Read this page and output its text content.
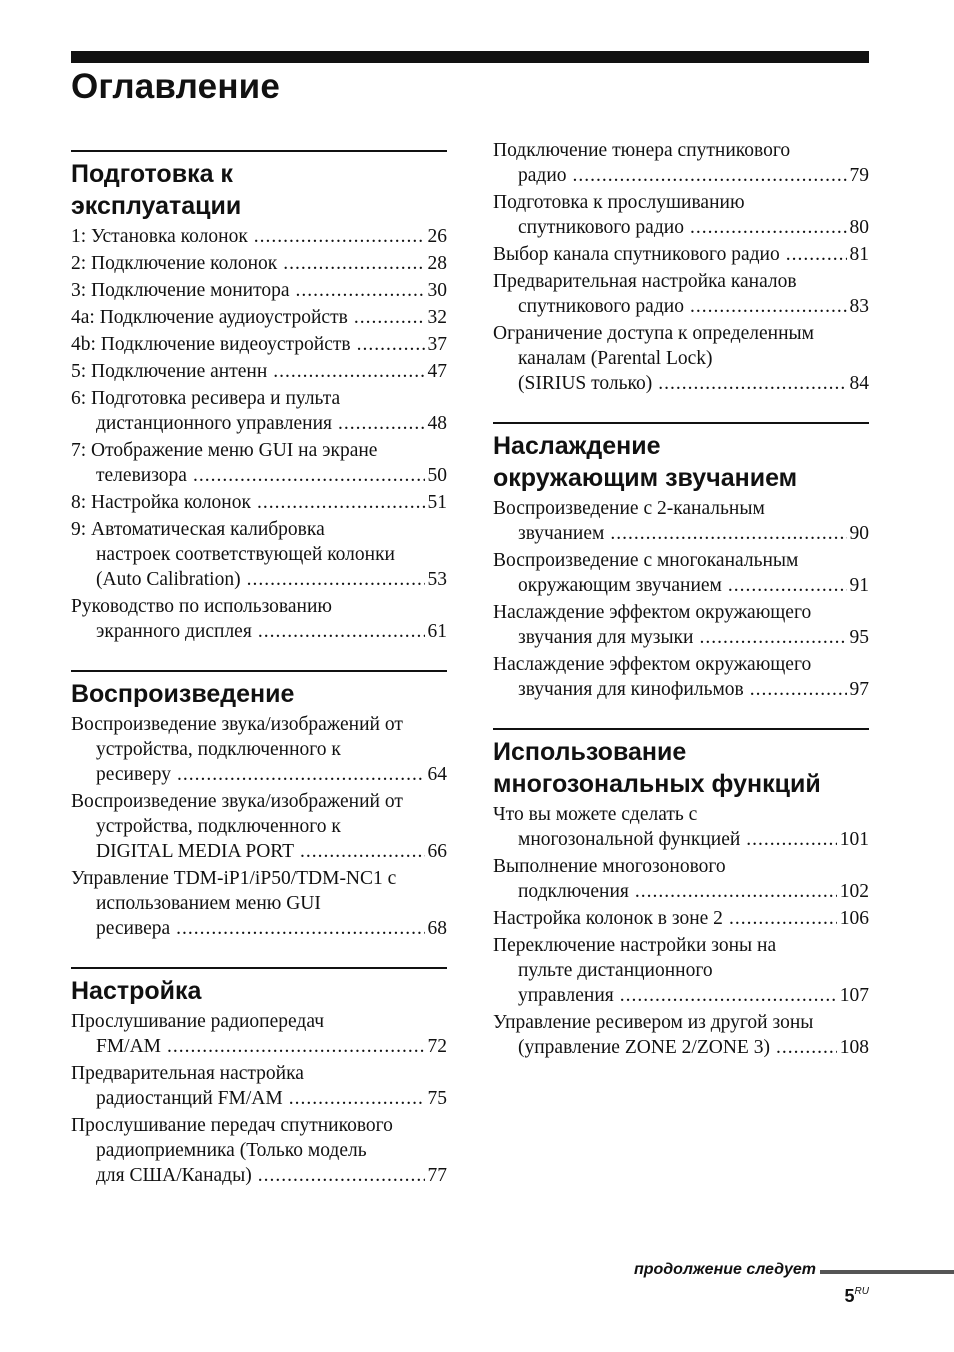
Оглавление
Подготовка к
эксплуатации
1: Установка колонок .....	26
2: Подключение колонок .....	28
3: Подключение монитора .....	30
4a: Подключение аудиоустройств .....	32
4b: Подключение видеоустройств .....	37
5: Подключение антенн .....	47
6: Подготовка ресивера и пульта
дистанционного управления .....	48
7: Отображение меню GUI на экране
телевизора .....	50
8: Настройка колонок .....	51
9: Автоматическая калибровка
настроек соответствующей колонки
(Auto Calibration) .....	53
Руководство по использованию
экранного дисплея .....	61
Воспроизведение
Воспроизведение звука/изображений от
устройства, подключенного к
ресиверу .....	64
Воспроизведение звука/изображений от
устройства, подключенного к
DIGITAL MEDIA PORT .....	66
Управление TDM-iP1/iP50/TDM-NC1 с
использованием меню GUI
ресивера .....	68
Настройка
Прослушивание радиопередач
FM/AM .....	72
Предварительная настройка
радиостанций FM/AM .....	75
Прослушивание передач спутникового
радиоприемника (Только модель
для США/Канады) .....	77
Подключение тюнера спутникового
радио .....	79
Подготовка к прослушиванию
спутникового радио .....	80
Выбор канала спутникового радио .....	81
Предварительная настройка каналов
спутникового радио .....	83
Ограничение доступа к определенным
каналам (Parental Lock)
(SIRIUS только) .....	84
Наслаждение
окружающим звучанием
Воспроизведение с 2-канальным
звучанием .....	90
Воспроизведение с многоканальным
окружающим звучанием .....	91
Наслаждение эффектом окружающего
звучания для музыки .....	95
Наслаждение эффектом окружающего
звучания для кинофильмов .....	97
Использование
многозональных функций
Что вы можете сделать с
многозональной функцией .....	101
Выполнение многозонового
подключения .....	102
Настройка колонок в зоне 2 .....	106
Переключение настройки зоны на
пульте дистанционного
управления .....	107
Управление ресивером из другой зоны
(управление ZONE 2/ZONE 3) .....	108
продолжение следует
$5^{RU}$
